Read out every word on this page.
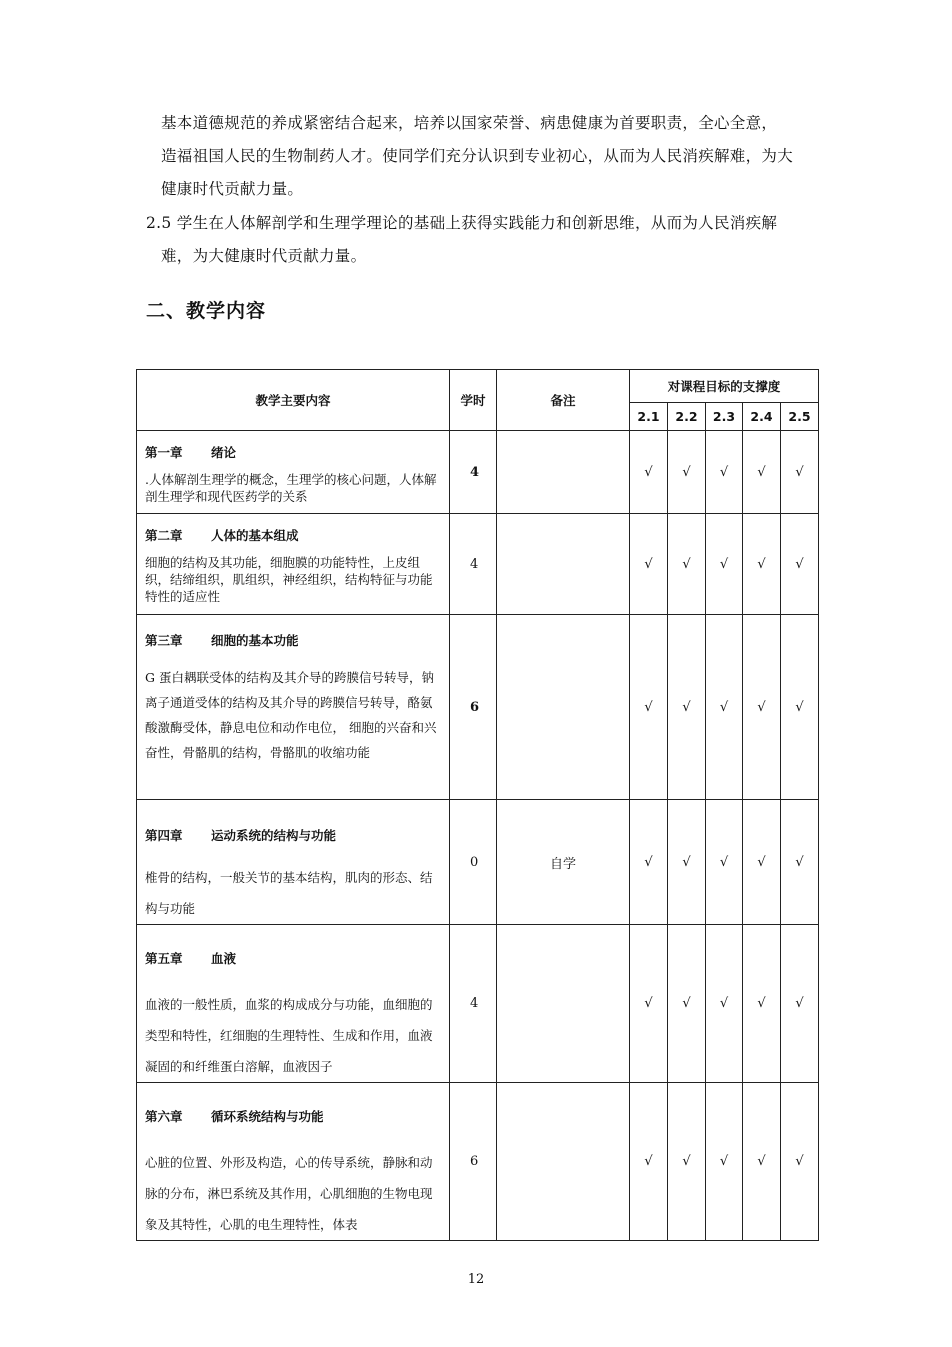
基本道德规范的养成紧密结合起来，培养以国家荣誉、病患健康为首要职责，全心全意，
造福祖国人民的生物制药人才。使同学们充分认识到专业初心，从而为人民消疾解难，为大
健康时代贡献力量。
2.5 学生在人体解剖学和生理学理论的基础上获得实践能力和创新思维，从而为人民消疾解
难，为大健康时代贡献力量。
二、教学内容
教学主要内容	学时	备注	对课程目标的支撑度				
			2.1	2.2	2.3	2.4	2.5

第一章 绪论
.人体解剖生理学的概念，生理学的核心问题，人体解剖生理学和现代医药学的关系	4		√	√	√	√	√

第二章 人体的基本组成
细胞的结构及其功能，细胞膜的功能特性，上皮组织，结缔组织，肌组织，神经组织，结构特征与功能特性的适应性	4		√	√	√	√	√

第三章 细胞的基本功能
G 蛋白耦联受体的结构及其介导的跨膜信号转导，钠离子通道受体的结构及其介导的跨膜信号转导，酪氨酸激酶受体，静息电位和动作电位， 细胞的兴奋和兴奋性，骨骼肌的结构，骨骼肌的收缩功能	6		√	√	√	√	√

第四章 运动系统的结构与功能
椎骨的结构，一般关节的基本结构，肌肉的形态、结构与功能	0	自学	√	√	√	√	√

第五章 血液
血液的一般性质，血浆的构成成分与功能，血细胞的类型和特性，红细胞的生理特性、生成和作用，血液凝固的和纤维蛋白溶解，血液因子	4		√	√	√	√	√

第六章 循环系统结构与功能
心脏的位置、外形及构造，心的传导系统，静脉和动脉的分布，淋巴系统及其作用，心肌细胞的生物电现象及其特性，心肌的电生理特性，体表	6		√	√	√	√	√
12
